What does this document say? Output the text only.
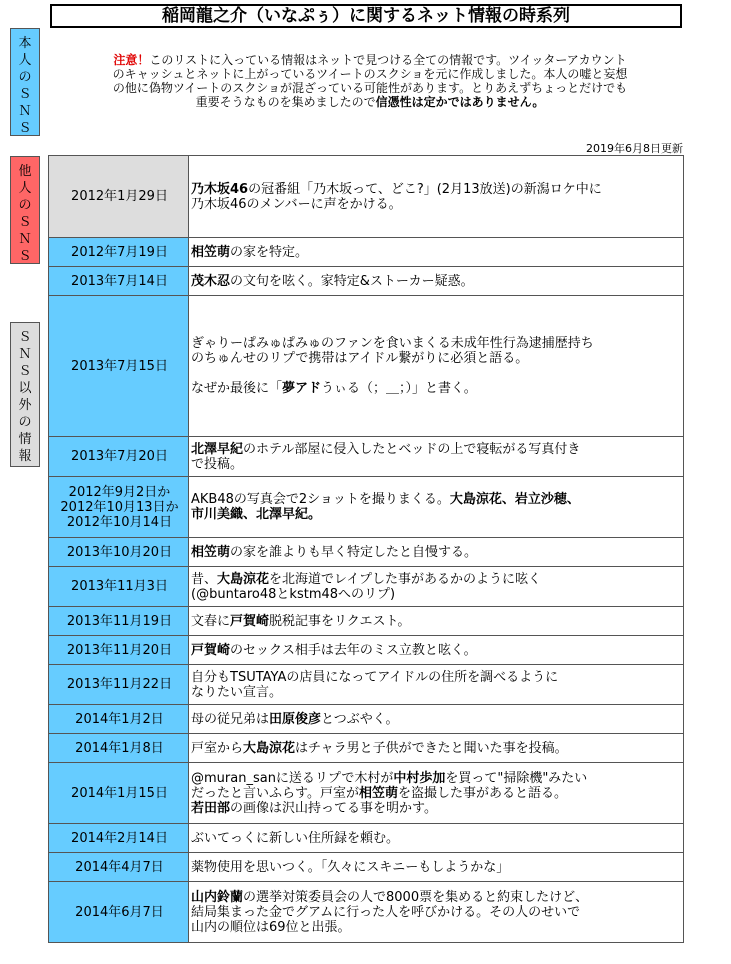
稲岡龍之介（いなぷぅ）に関するネット情報の時系列
本
人
の
Ｓ
Ｎ
Ｓ
他
人
の
Ｓ
Ｎ
Ｓ
Ｓ
Ｎ
Ｓ
以
外
の
情
報
注意！このリストに入っている情報はネットで見つける全ての情報です。ツイッターアカウント
のキャッシュとネットに上がっているツイートのスクショを元に作成しました。本人の嘘と妄想
の他に偽物ツイートのスクショが混ざっている可能性があります。とりあえずちょっとだけでも
重要そうなものを集めましたので信憑性は定かではありません。
2019年6月8日更新
2012年1月29日	乃木坂46の冠番組「乃木坂って、どこ?」(2月13放送)の新潟ロケ中に
乃木坂46のメンバーに声をかける。

2012年7月19日	相笠萌の家を特定。

2013年7月14日	茂木忍の文句を呟く。家特定&ストーカー疑惑。

2013年7月15日	ぎゃりーぱみゅぱみゅのファンを食いまくる未成年性行為逮捕歴持ち
のちゅんせのリプで携帯はアイドル繋がりに必須と語る。

なぜか最後に「夢アドうぃる（；＿；）」と書く。

2013年7月20日	北澤早紀のホテル部屋に侵入したとベッドの上で寝転がる写真付き
で投稿。

2012年9月2日か
2012年10月13日か
2012年10月14日	AKB48の写真会で2ショットを撮りまくる。大島涼花、岩立沙穂、
市川美織、北澤早紀。

2013年10月20日	相笠萌の家を誰よりも早く特定したと自慢する。

2013年11月3日	昔、大島涼花を北海道でレイプした事があるかのように呟く
(@buntaro48とkstm48へのリプ)

2013年11月19日	文春に戸賀崎脱税記事をリクエスト。

2013年11月20日	戸賀崎のセックス相手は去年のミス立教と呟く。

2013年11月22日	自分もTSUTAYAの店員になってアイドルの住所を調べるように
なりたい宣言。

2014年1月2日	母の従兄弟は田原俊彦とつぶやく。

2014年1月8日	戸室から大島涼花はチャラ男と子供ができたと聞いた事を投稿。

2014年1月15日	@muran_sanに送るリプで木村が中村歩加を買って"掃除機"みたい
だったと言いふらす。戸室が相笠萌を盗撮した事があると語る。
若田部の画像は沢山持ってる事を明かす。

2014年2月14日	ぶいてっくに新しい住所録を頼む。

2014年4月7日	薬物使用を思いつく。「久々にスキニーもしようかな」

2014年6月7日	山内鈴蘭の選挙対策委員会の人で8000票を集めると約束したけど、
結局集まった金でグアムに行った人を呼びかける。その人のせいで
山内の順位は69位と出張。
